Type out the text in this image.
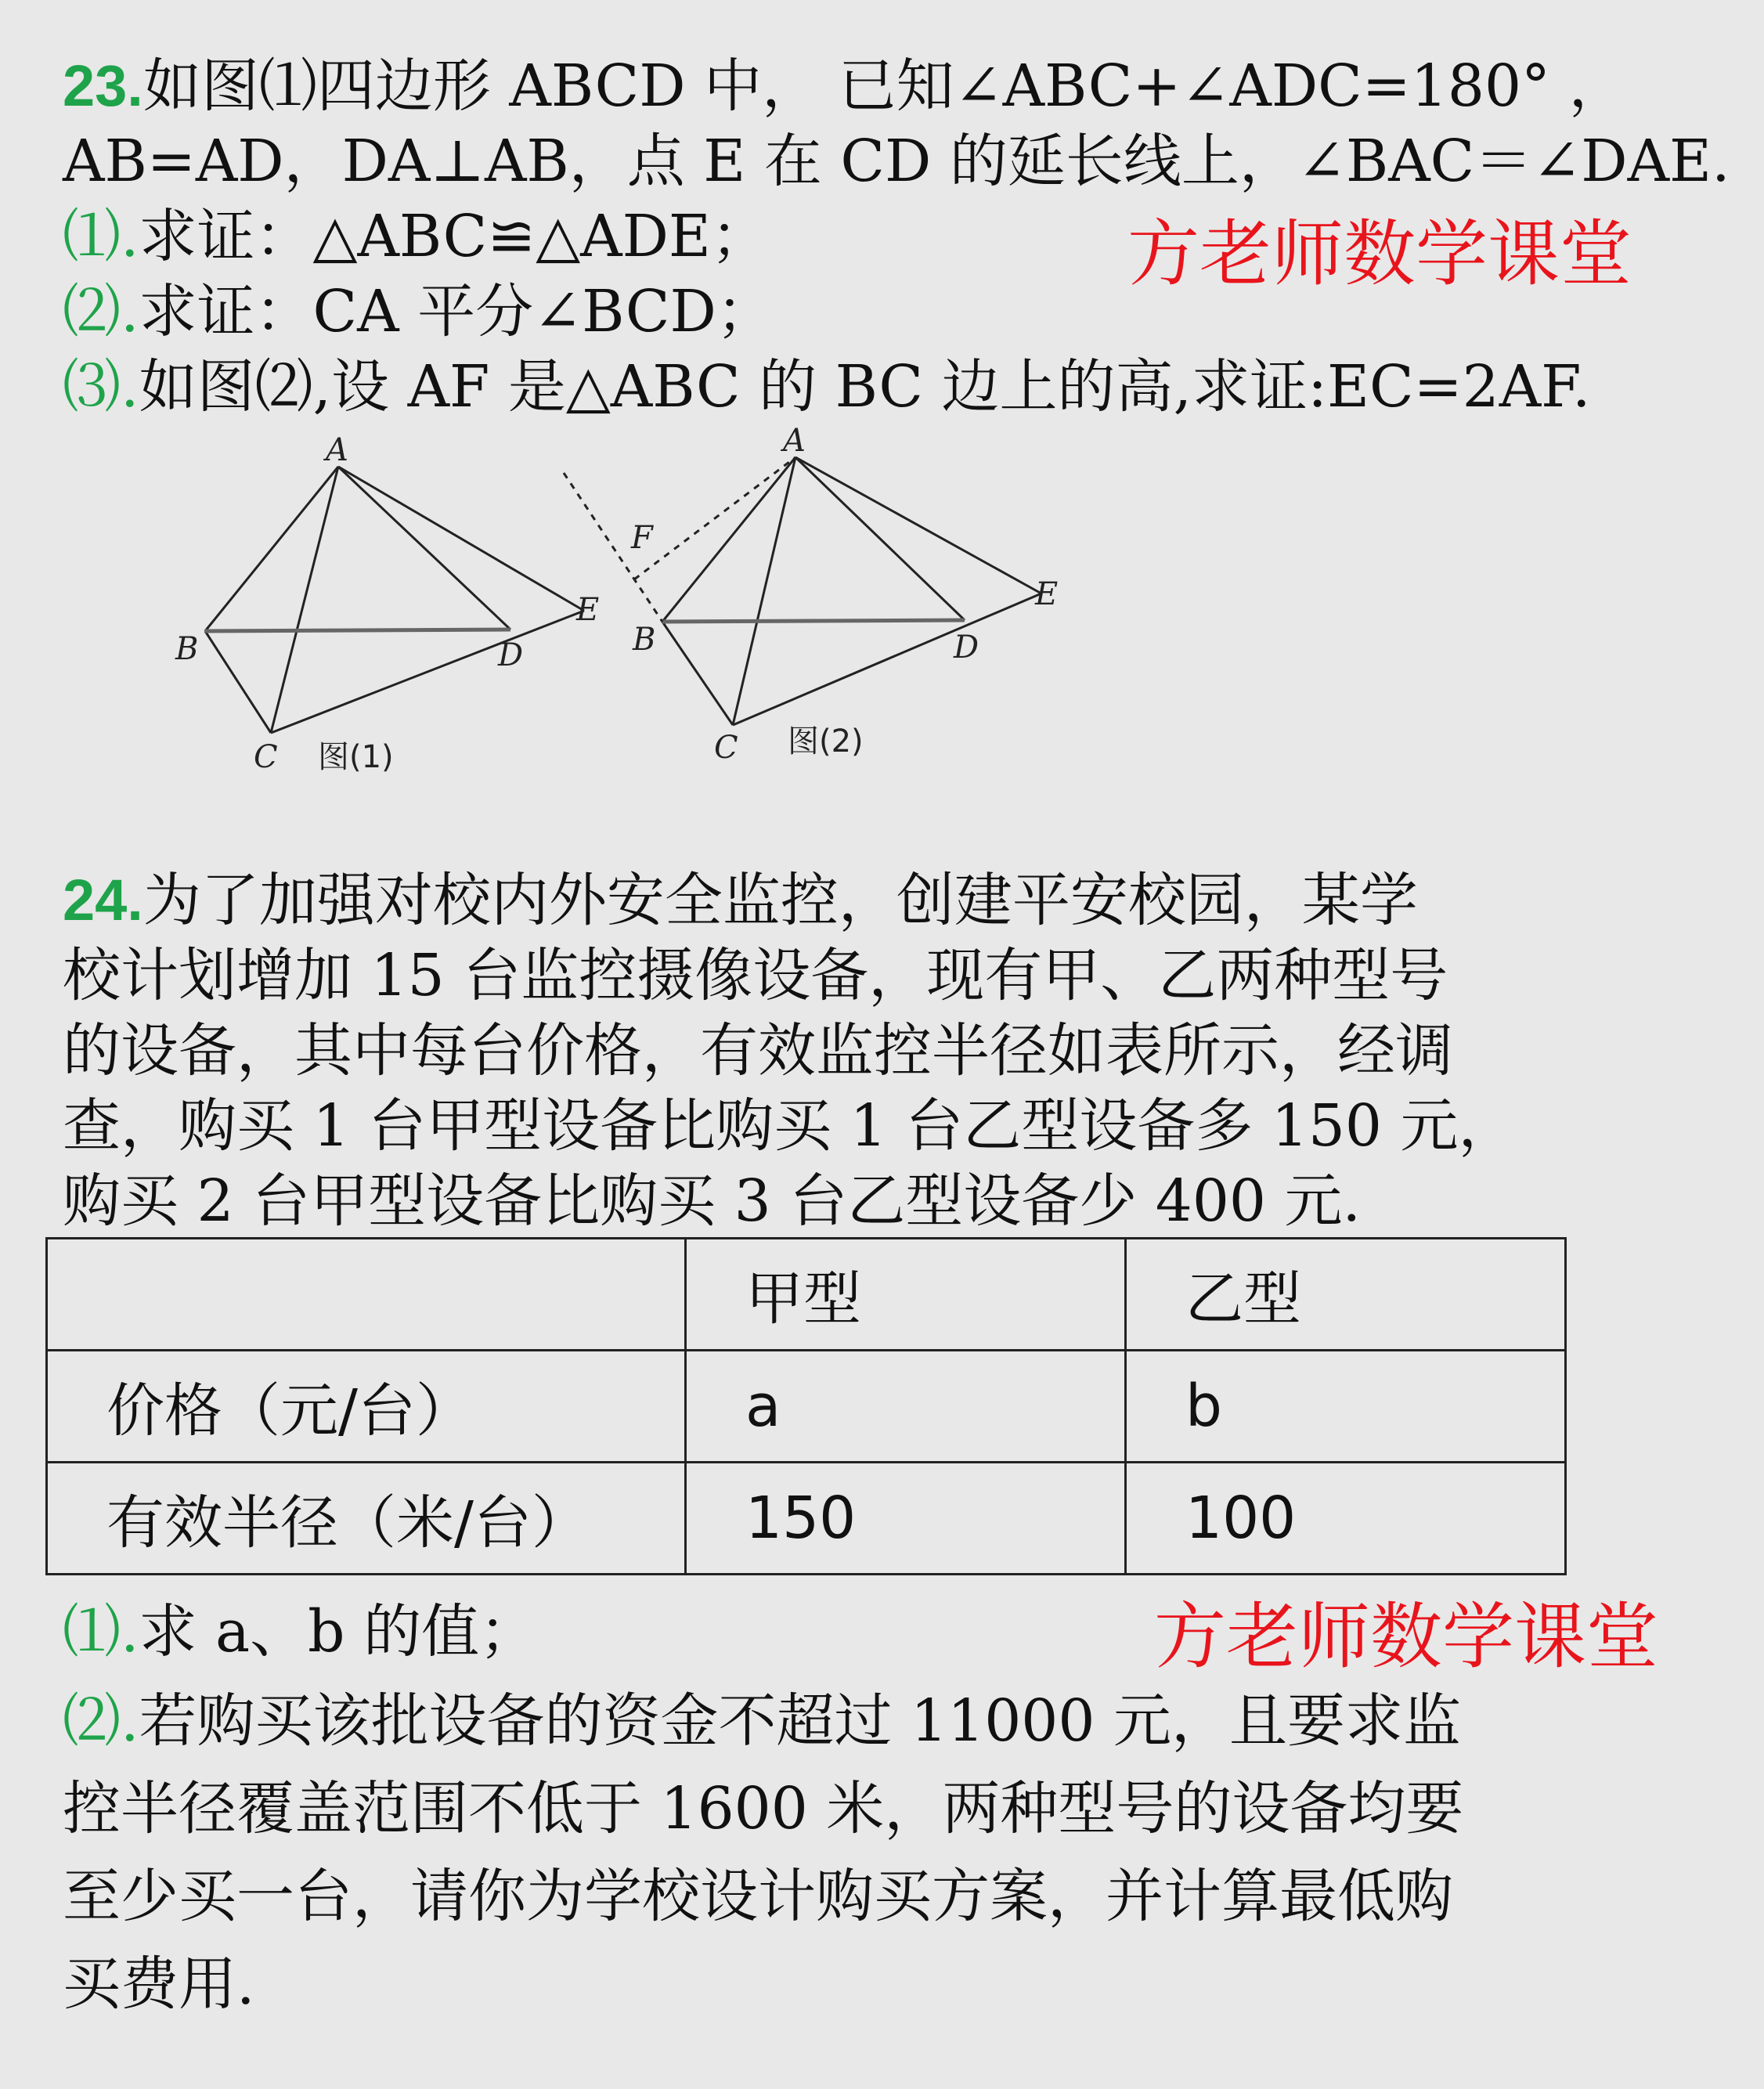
23.如图⑴四边形 ABCD 中， 已知∠ABC+∠ADC=180° ，
AB=AD，DA⊥AB，点 E 在 CD 的延长线上，∠BAC＝∠DAE.
⑴.求证：△ABC≌△ADE；	方老师数学课堂
⑵.求证：CA 平分∠BCD；
⑶.如图⑵,设 AF 是△ABC 的 BC 边上的高,求证:EC=2AF.
A
B
C
D
E
图(1)
A
B
C
D
E
F
图(2)
24.为了加强对校内外安全监控，创建平安校园，某学
校计划增加 15 台监控摄像设备，现有甲、乙两种型号
的设备，其中每台价格，有效监控半径如表所示，经调
查，购买 1 台甲型设备比购买 1 台乙型设备多 150 元，
购买 2 台甲型设备比购买 3 台乙型设备少 400 元.
	甲型	乙型
价格（元/台）	a	b
有效半径（米/台）	150	100
⑴.求 a、b 的值；	方老师数学课堂
⑵.若购买该批设备的资金不超过 11000 元，且要求监
控半径覆盖范围不低于 1600 米，两种型号的设备均要
至少买一台，请你为学校设计购买方案，并计算最低购
买费用.
